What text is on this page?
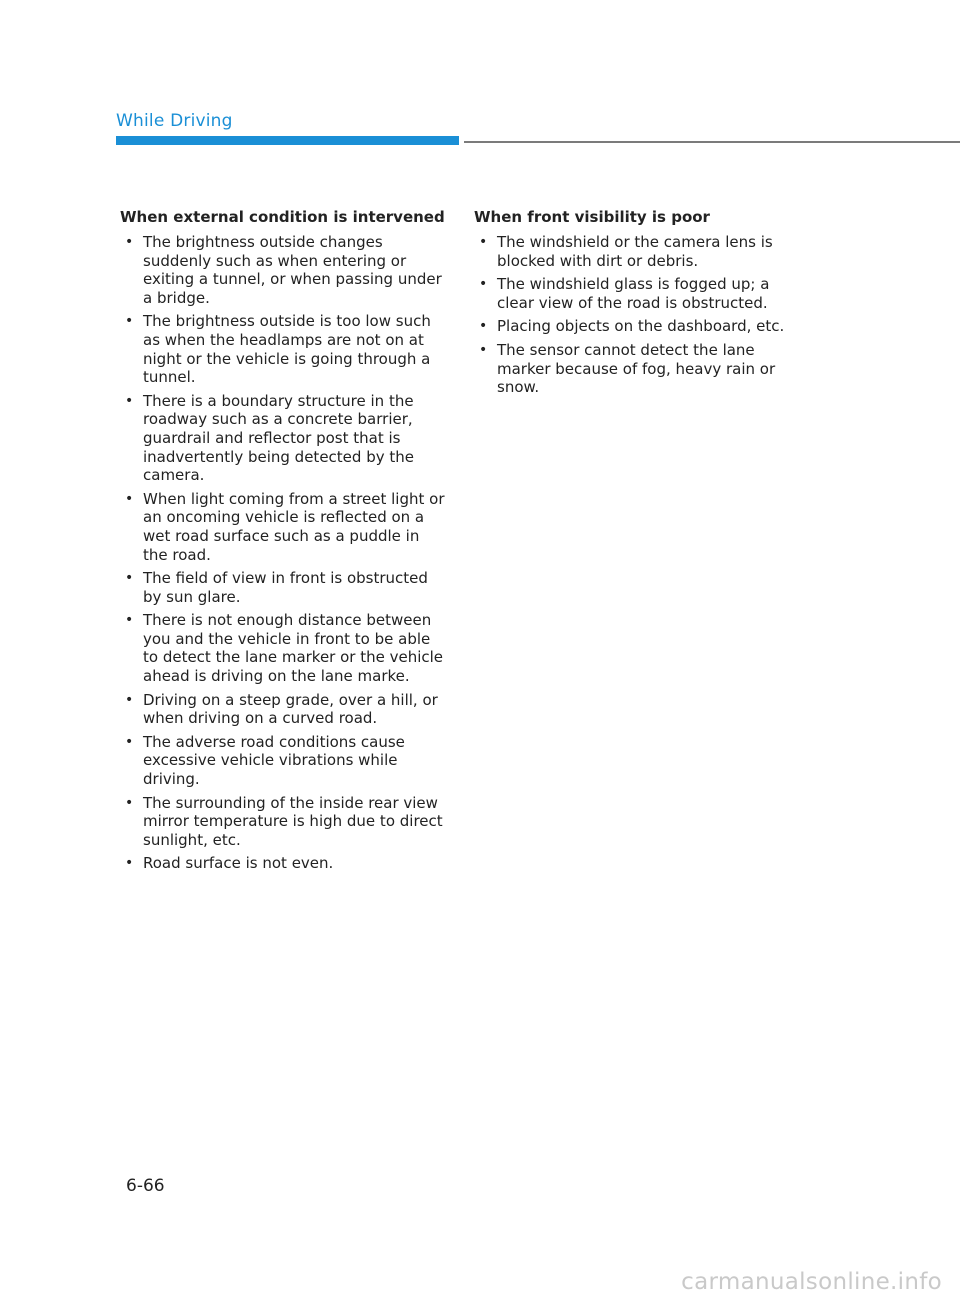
While Driving
When external condition is intervened
• The brightness outside changes suddenly such as when entering or exiting a tunnel, or when passing under a bridge.
• The brightness outside is too low such as when the headlamps are not on at night or the vehicle is going through a tunnel.
• There is a boundary structure in the roadway such as a concrete barrier, guardrail and reflector post that is inadvertently being detected by the camera.
• When light coming from a street light or an oncoming vehicle is reflected on a wet road surface such as a puddle in the road.
• The field of view in front is obstructed by sun glare.
• There is not enough distance between you and the vehicle in front to be able to detect the lane marker or the vehicle ahead is driving on the lane marke.
• Driving on a steep grade, over a hill, or when driving on a curved road.
• The adverse road conditions cause excessive vehicle vibrations while driving.
• The surrounding of the inside rear view mirror temperature is high due to direct sunlight, etc.
• Road surface is not even.
When front visibility is poor
• The windshield or the camera lens is blocked with dirt or debris.
• The windshield glass is fogged up; a clear view of the road is obstructed.
• Placing objects on the dashboard, etc.
• The sensor cannot detect the lane marker because of fog, heavy rain or snow.
6-66
carmanualsonline.info
